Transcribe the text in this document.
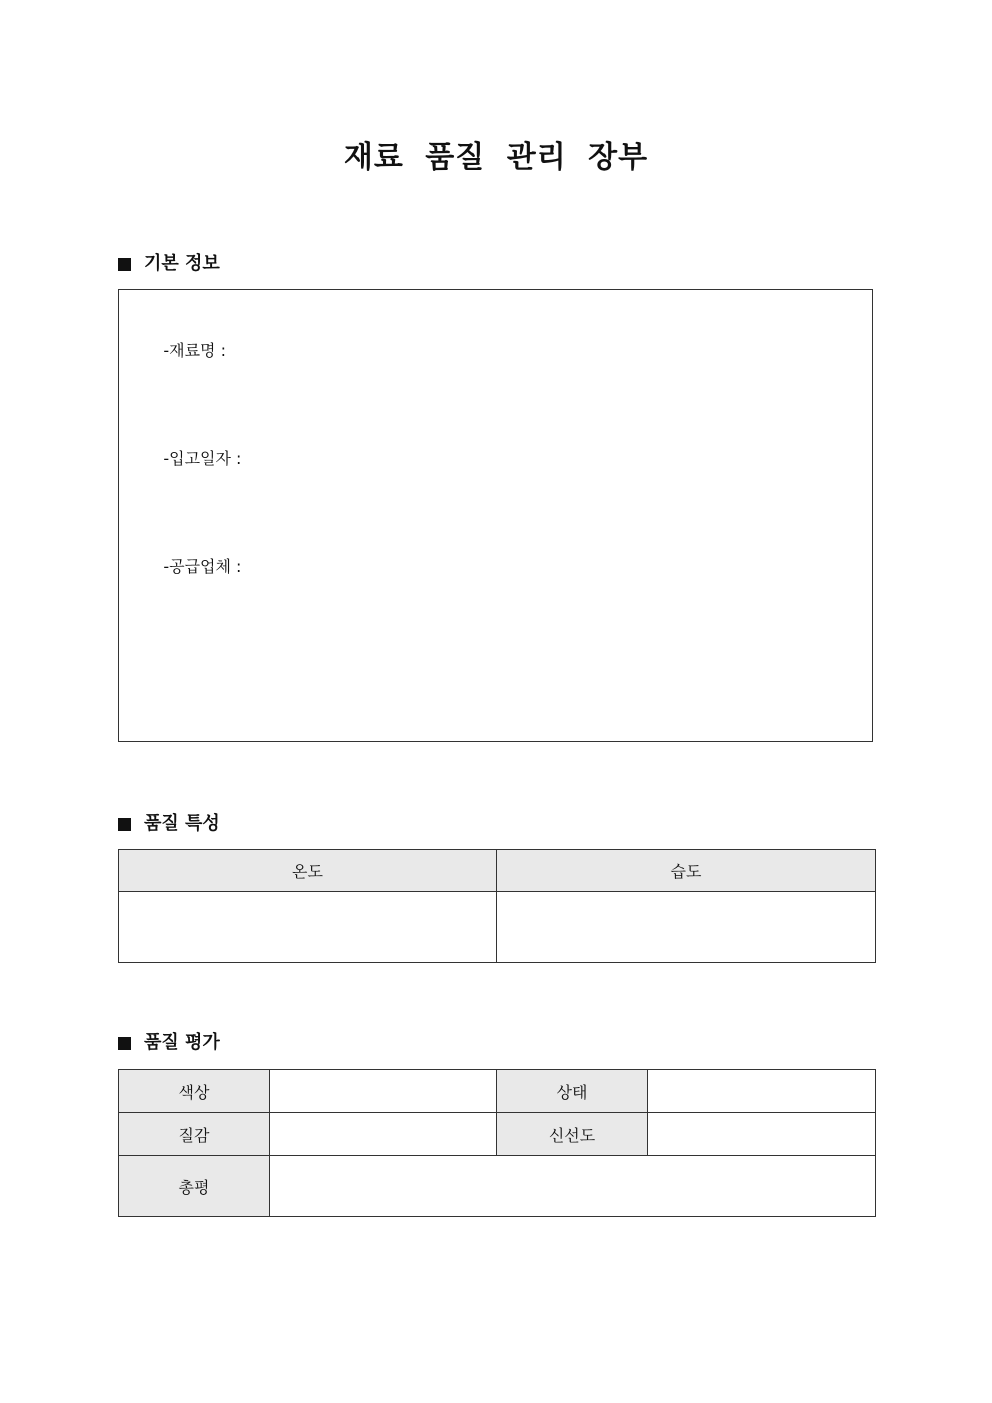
재료 품질 관리 장부
기본 정보

-재료명 :

-입고일자 :

-공급업체 :

품질 특성
온도	습도

품질 평가
색상		상태	
질감		신선도	
총평			
